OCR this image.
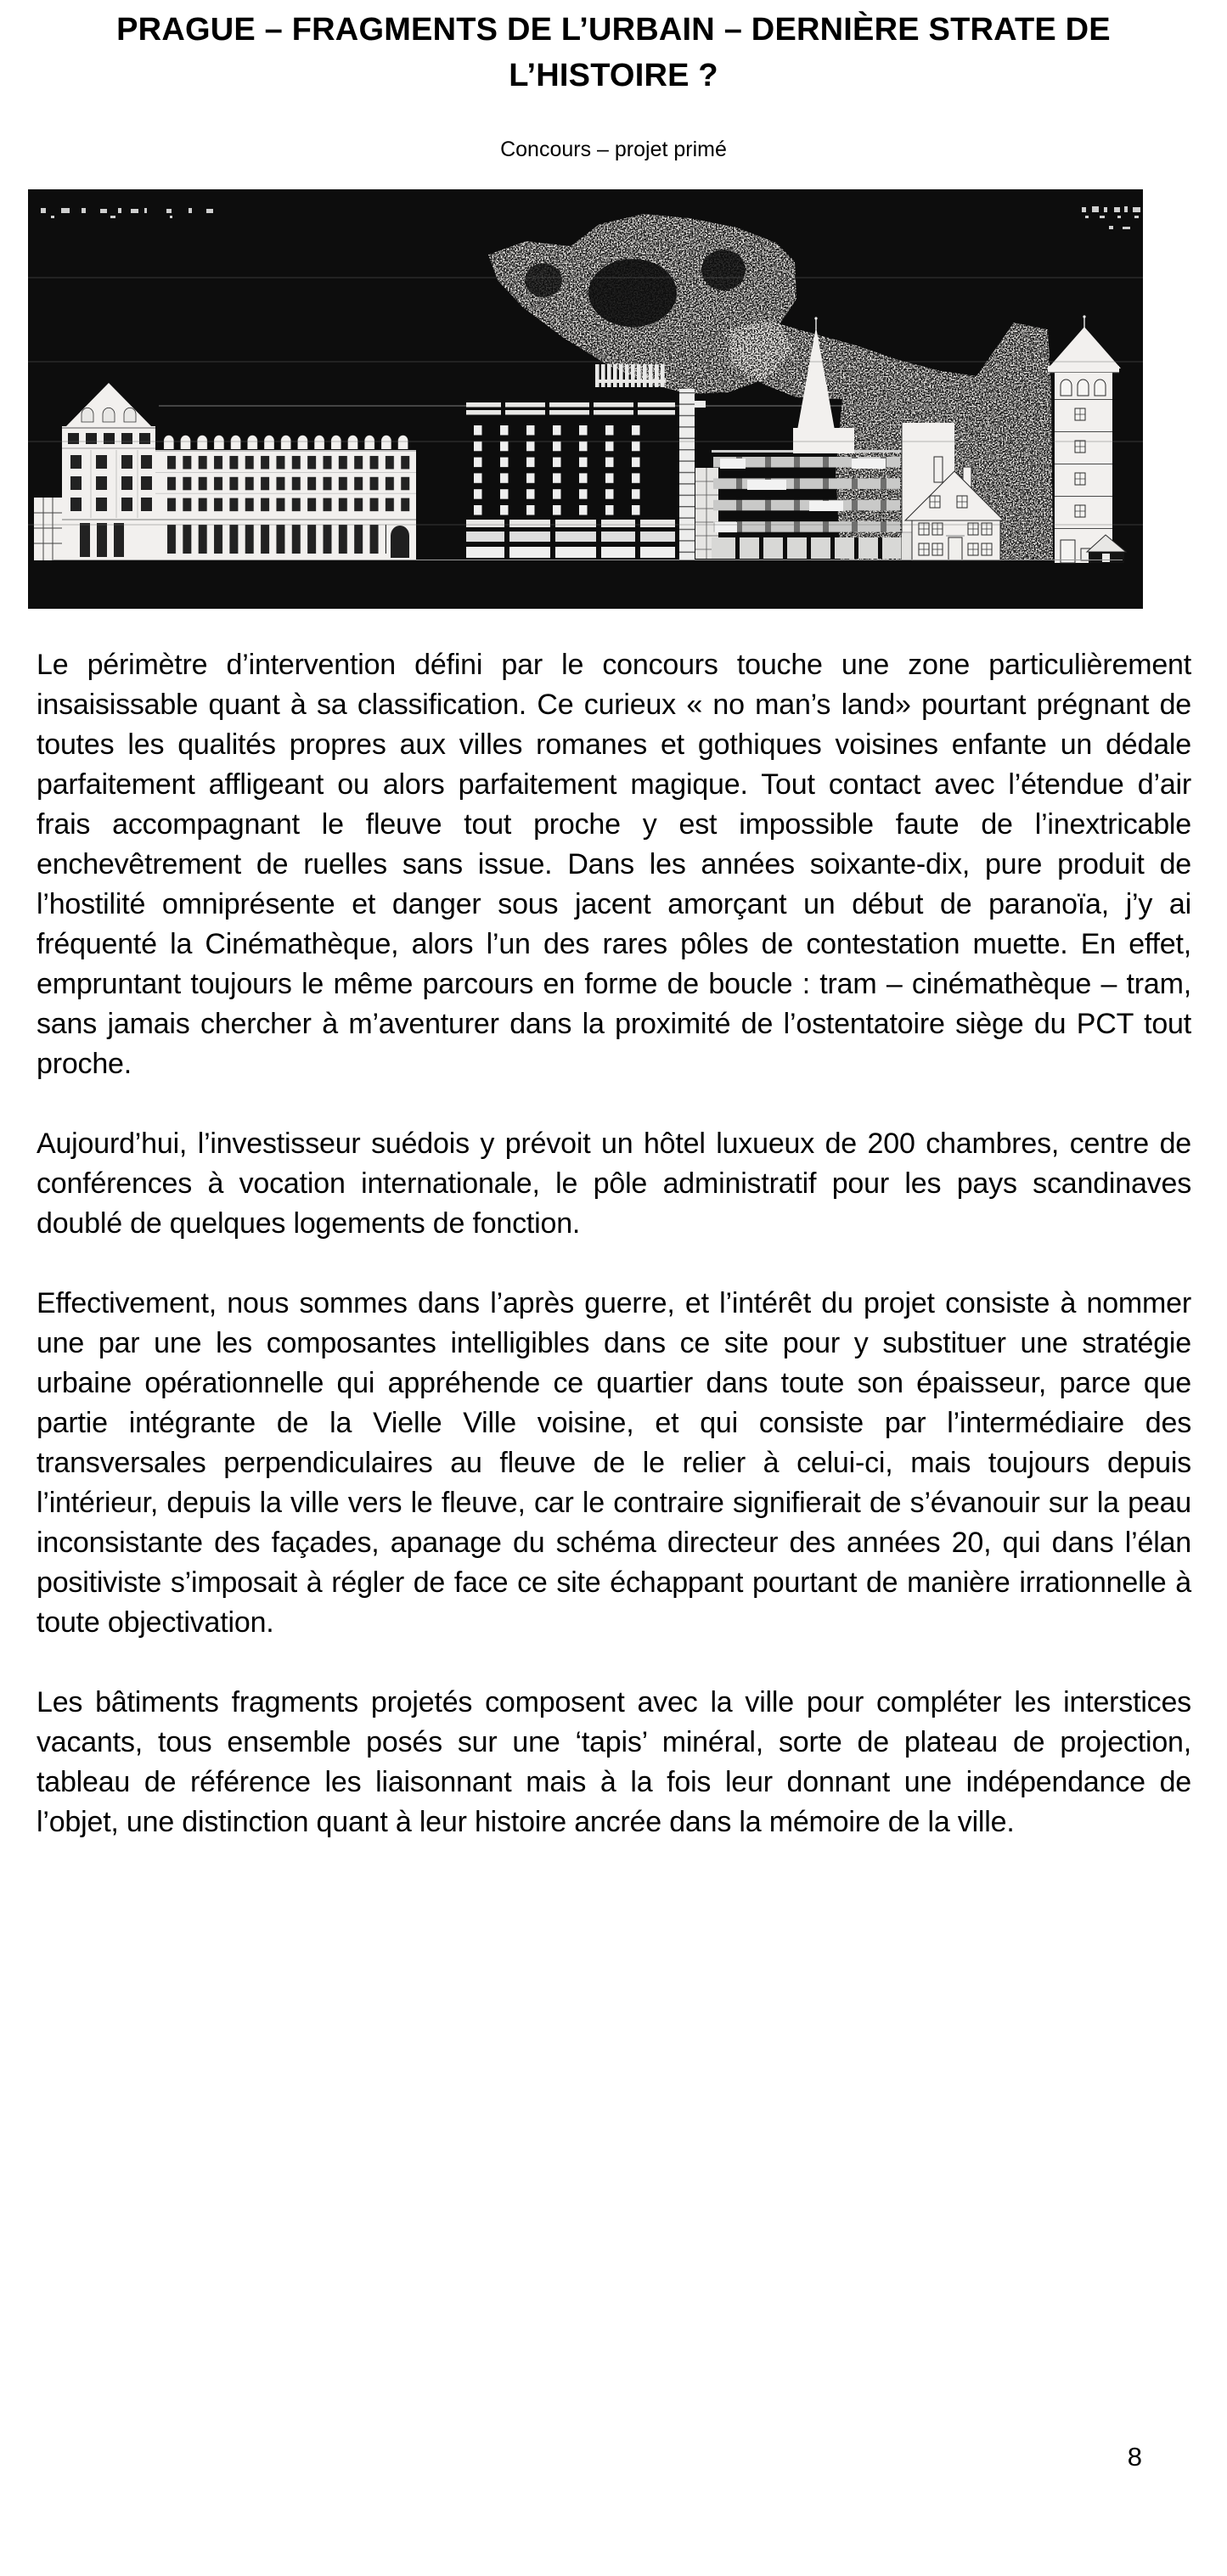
PRAGUE – FRAGMENTS DE L’URBAIN – DERNIÈRE STRATE DE L’HISTOIRE ?
Concours – projet primé

Le périmètre d’intervention défini par le concours touche une zone particulièrement insaisissable quant à sa classification. Ce curieux « no man’s land» pourtant prégnant de toutes les qualités propres aux villes romanes et gothiques voisines enfante un dédale parfaitement affligeant ou alors parfaitement magique. Tout contact avec l’étendue d’air frais accompagnant le fleuve tout proche y est impossible faute de l’inextricable enchevêtrement de ruelles sans issue. Dans les années soixante-dix, pure produit de l’hostilité omniprésente et danger sous jacent amorçant un début de paranoïa, j’y ai fréquenté la Cinémathèque, alors l’un des rares pôles de contestation muette. En effet, empruntant toujours le même parcours en forme de boucle : tram – cinémathèque – tram, sans jamais chercher à m’aventurer dans la proximité de l’ostentatoire siège du PCT tout proche.

Aujourd’hui, l’investisseur suédois y prévoit un hôtel luxueux de 200 chambres, centre de conférences à vocation internationale, le pôle administratif pour les pays scandinaves doublé de quelques logements de fonction.

Effectivement, nous sommes dans l’après guerre, et l’intérêt du projet consiste à nommer une par une les composantes intelligibles dans ce site pour y substituer une stratégie urbaine opérationnelle qui appréhende ce quartier dans toute son épaisseur, parce que partie intégrante de la Vielle Ville voisine, et qui consiste par l’intermédiaire des transversales perpendiculaires au fleuve de le relier à celui-ci, mais toujours depuis l’intérieur, depuis la ville vers le fleuve, car le contraire signifierait de s’évanouir sur la peau inconsistante des façades, apanage du schéma directeur des années 20, qui dans l’élan positiviste s’imposait à régler de face ce site échappant pourtant de manière irrationnelle à toute objectivation.

Les bâtiments fragments projetés composent avec la ville pour compléter les interstices vacants, tous ensemble posés sur une ‘tapis’ minéral, sorte de plateau de projection, tableau de référence les liaisonnant mais à la fois leur donnant une indépendance de l’objet, une distinction quant à leur histoire ancrée dans la mémoire de la ville.

8
